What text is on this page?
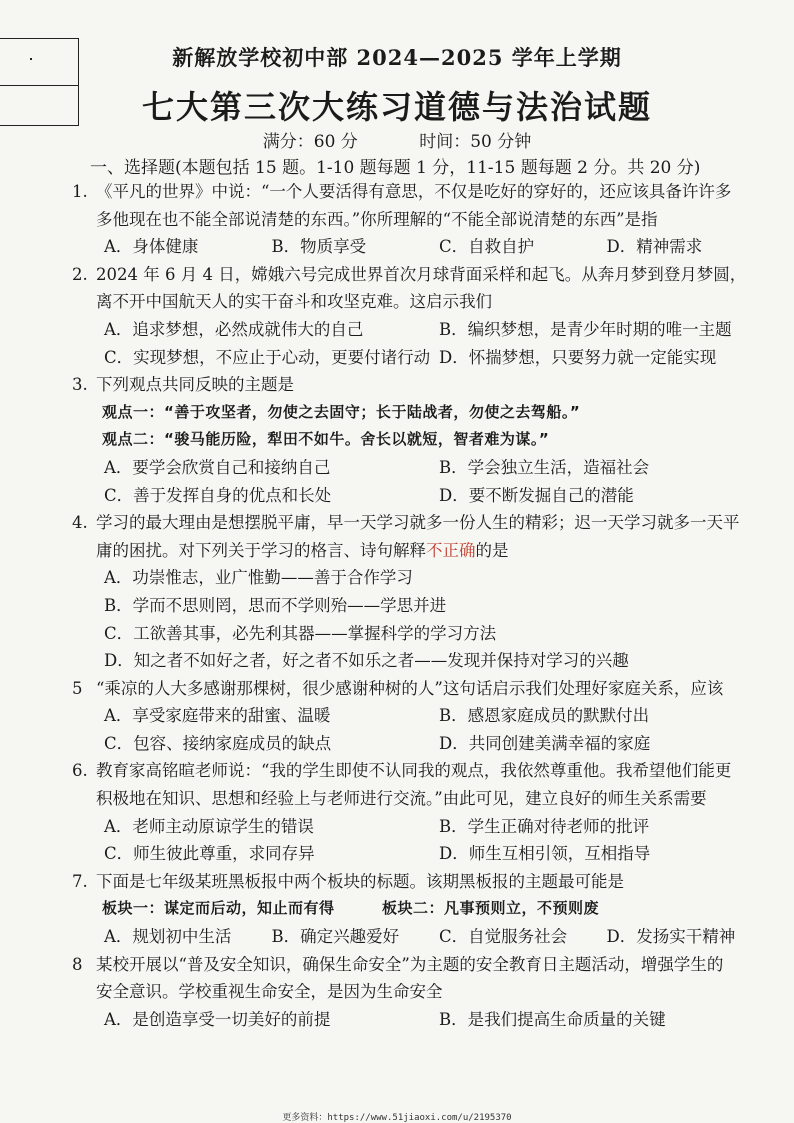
新解放学校初中部 2024—2025 学年上学期
七大第三次大练习道德与法治试题
满分：60 分	时间：50 分钟
一、选择题(本题包括 15 题。1-10 题每题 1 分，11-15 题每题 2 分。共 20 分)
1. 《平凡的世界》中说：“一个人要活得有意思，不仅是吃好的穿好的，还应该具备许许多
多他现在也不能全部说清楚的东西。”你所理解的“不能全部说清楚的东西”是指
A．身体健康	B．物质享受	C．自救自护	D．精神需求
2. 2024 年 6 月 4 日，嫦娥六号完成世界首次月球背面采样和起飞。从奔月梦到登月梦圆，
离不开中国航天人的实干奋斗和攻坚克难。这启示我们
A．追求梦想，必然成就伟大的自己	B．编织梦想，是青少年时期的唯一主题
C．实现梦想，不应止于心动，更要付诸行动 D．怀揣梦想，只要努力就一定能实现
3. 下列观点共同反映的主题是
观点一：“善于攻坚者，勿使之去固守；长于陆战者，勿使之去驾船。”
观点二：“骏马能历险，犁田不如牛。舍长以就短，智者难为谋。”
A．要学会欣赏自己和接纳自己	B．学会独立生活，造福社会
C．善于发挥自身的优点和长处	D．要不断发掘自己的潜能
4. 学习的最大理由是想摆脱平庸，早一天学习就多一份人生的精彩；迟一天学习就多一天平
庸的困扰。对下列关于学习的格言、诗句解释不正确的是
A．功崇惟志，业广惟勤——善于合作学习
B．学而不思则罔，思而不学则殆——学思并进
C．工欲善其事，必先利其器——掌握科学的学习方法
D．知之者不如好之者，好之者不如乐之者——发现并保持对学习的兴趣
5 “乘凉的人大多感谢那棵树，很少感谢种树的人”这句话启示我们处理好家庭关系，应该
A．享受家庭带来的甜蜜、温暖	B．感恩家庭成员的默默付出
C．包容、接纳家庭成员的缺点	D．共同创建美满幸福的家庭
6. 教育家高铭暄老师说：“我的学生即使不认同我的观点，我依然尊重他。我希望他们能更
积极地在知识、思想和经验上与老师进行交流。”由此可见，建立良好的师生关系需要
A．老师主动原谅学生的错误	B．学生正确对待老师的批评
C．师生彼此尊重，求同存异	D．师生互相引领，互相指导
7. 下面是七年级某班黑板报中两个板块的标题。该期黑板报的主题最可能是
板块一：谋定而后动，知止而有得	板块二：凡事预则立，不预则废
A．规划初中生活	B．确定兴趣爱好	C．自觉服务社会	D．发扬实干精神
8 某校开展以“普及安全知识，确保生命安全”为主题的安全教育日主题活动，增强学生的
安全意识。学校重视生命安全，是因为生命安全
A．是创造享受一切美好的前提	B．是我们提高生命质量的关键
更多资料：https://www.51jiaoxi.com/u/2195370
